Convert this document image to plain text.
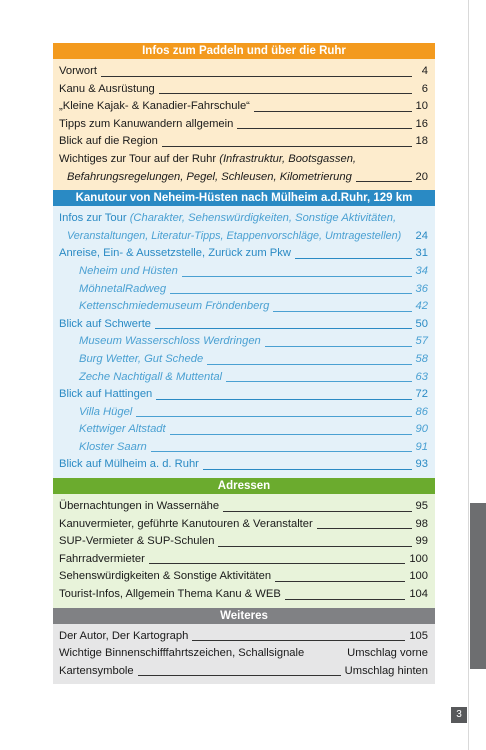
Infos zum Paddeln und über die Ruhr
Vorwort	4
Kanu & Ausrüstung	6
„Kleine Kajak- & Kanadier-Fahrschule“	10
Tipps zum Kanuwandern allgemein	16
Blick auf die Region	18
Wichtiges zur Tour auf der Ruhr (Infrastruktur, Bootsgassen,
Befahrungsregelungen, Pegel, Schleusen, Kilometrierung	20
Kanutour von Neheim-Hüsten nach Mülheim a.d.Ruhr, 129 km
Infos zur Tour (Charakter, Sehenswürdigkeiten, Sonstige Aktivitäten,
Veranstaltungen, Literatur-Tipps, Etappenvorschläge, Umtragestellen) 24
Anreise, Ein- & Aussetzstelle, Zurück zum Pkw	31
Neheim und Hüsten	34
MöhnetalRadweg	36
Kettenschmiedemuseum Fröndenberg	42
Blick auf Schwerte	50
Museum Wasserschloss Werdringen	57
Burg Wetter, Gut Schede	58
Zeche Nachtigall & Muttental	63
Blick auf Hattingen	72
Villa Hügel	86
Kettwiger Altstadt	90
Kloster Saarn	91
Blick auf Mülheim a. d. Ruhr	93
Adressen
Übernachtungen in Wassernähe	95
Kanuvermieter, geführte Kanutouren & Veranstalter	98
SUP-Vermieter & SUP-Schulen	99
Fahrradvermieter	100
Sehenswürdigkeiten & Sonstige Aktivitäten	100
Tourist-Infos, Allgemein Thema Kanu & WEB	104
Weiteres
Der Autor, Der Kartograph	105
Wichtige Binnenschifffahrtszeichen, Schallsignale	Umschlag vorne
Kartensymbole	Umschlag hinten
3
